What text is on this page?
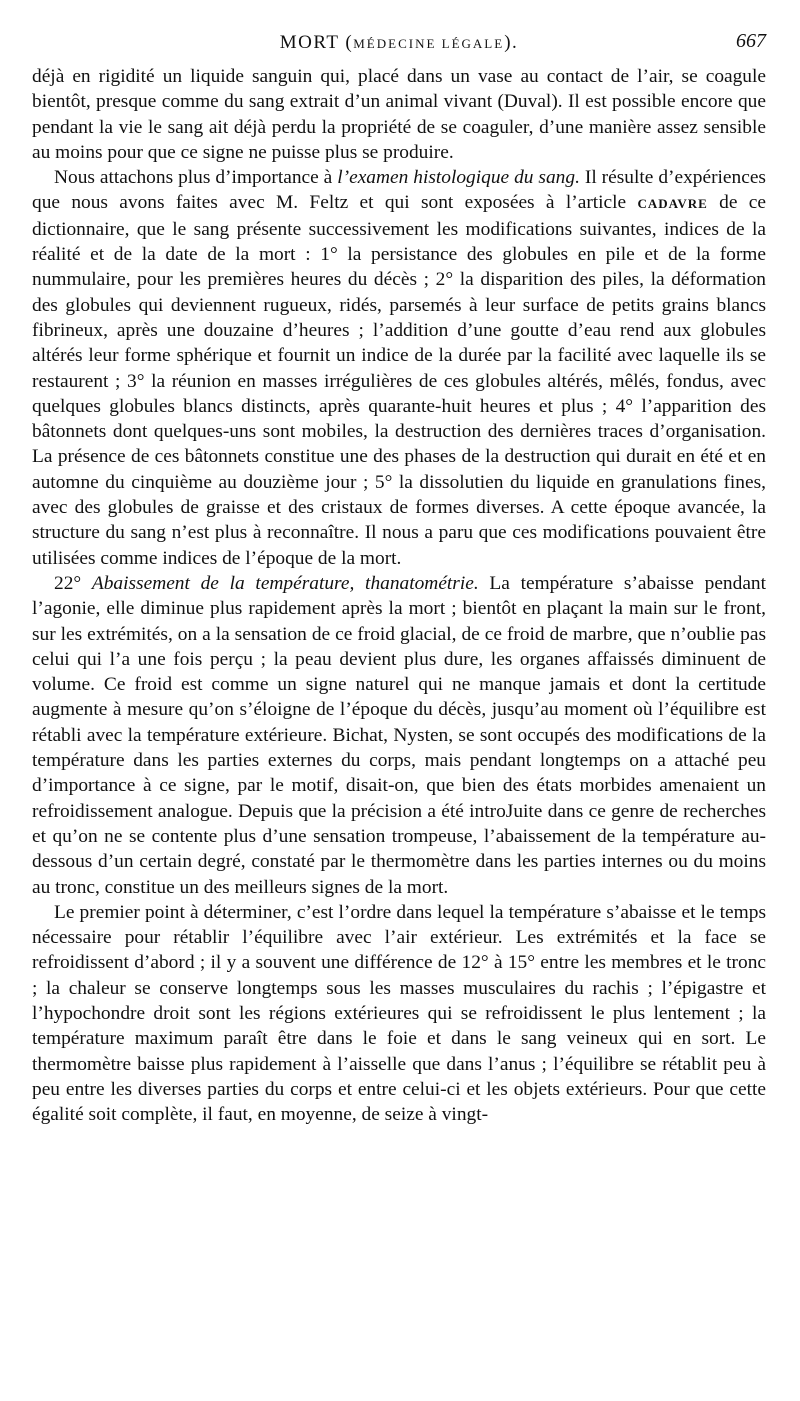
MORT (MÉDECINE LÉGALE).	667

déjà en rigidité un liquide sanguin qui, placé dans un vase au contact de l’air, se coagule bientôt, presque comme du sang extrait d’un animal vivant (Duval). Il est possible encore que pendant la vie le sang ait déjà perdu la propriété de se coaguler, d’une manière assez sensible au moins pour que ce signe ne puisse plus se produire.

Nous attachons plus d’importance à l’examen histologique du sang. Il résulte d’expériences que nous avons faites avec M. Feltz et qui sont exposées à l’article CADAVRE de ce dictionnaire, que le sang présente successivement les modifications suivantes, indices de la réalité et de la date de la mort : 1° la persistance des globules en pile et de la forme nummulaire, pour les premières heures du décès ; 2° la disparition des piles, la déformation des globules qui deviennent rugueux, ridés, parsemés à leur surface de petits grains blancs fibrineux, après une douzaine d’heures ; l’addition d’une goutte d’eau rend aux globules altérés leur forme sphérique et fournit un indice de la durée par la facilité avec laquelle ils se restaurent ; 3° la réunion en masses irrégulières de ces globules altérés, mêlés, fondus, avec quelques globules blancs distincts, après quarante-huit heures et plus ; 4° l’apparition des bâtonnets dont quelques-uns sont mobiles, la destruction des dernières traces d’organisation. La présence de ces bâtonnets constitue une des phases de la destruction qui durait en été et en automne du cinquième au douzième jour ; 5° la dissolutien du liquide en granulations fines, avec des globules de graisse et des cristaux de formes diverses. A cette époque avancée, la structure du sang n’est plus à reconnaître. Il nous a paru que ces modifications pouvaient être utilisées comme indices de l’époque de la mort.

22° Abaissement de la température, thanatométrie. La température s’abaisse pendant l’agonie, elle diminue plus rapidement après la mort ; bientôt en plaçant la main sur le front, sur les extrémités, on a la sensation de ce froid glacial, de ce froid de marbre, que n’oublie pas celui qui l’a une fois perçu ; la peau devient plus dure, les organes affaissés diminuent de volume. Ce froid est comme un signe naturel qui ne manque jamais et dont la certitude augmente à mesure qu’on s’éloigne de l’époque du décès, jusqu’au moment où l’équilibre est rétabli avec la température extérieure. Bichat, Nysten, se sont occupés des modifications de la température dans les parties externes du corps, mais pendant longtemps on a attaché peu d’importance à ce signe, par le motif, disait-on, que bien des états morbides amenaient un refroidissement analogue. Depuis que la précision a été introJuite dans ce genre de recherches et qu’on ne se contente plus d’une sensation trompeuse, l’abaissement de la température au-dessous d’un certain degré, constaté par le thermomètre dans les parties internes ou du moins au tronc, constitue un des meilleurs signes de la mort.

Le premier point à déterminer, c’est l’ordre dans lequel la température s’abaisse et le temps nécessaire pour rétablir l’équilibre avec l’air extérieur. Les extrémités et la face se refroidissent d’abord ; il y a souvent une différence de 12° à 15° entre les membres et le tronc ; la chaleur se conserve longtemps sous les masses musculaires du rachis ; l’épigastre et l’hypochondre droit sont les régions extérieures qui se refroidissent le plus lentement ; la température maximum paraît être dans le foie et dans le sang veineux qui en sort. Le thermomètre baisse plus rapidement à l’aisselle que dans l’anus ; l’équilibre se rétablit peu à peu entre les diverses parties du corps et entre celui-ci et les objets extérieurs. Pour que cette égalité soit complète, il faut, en moyenne, de seize à vingt-
